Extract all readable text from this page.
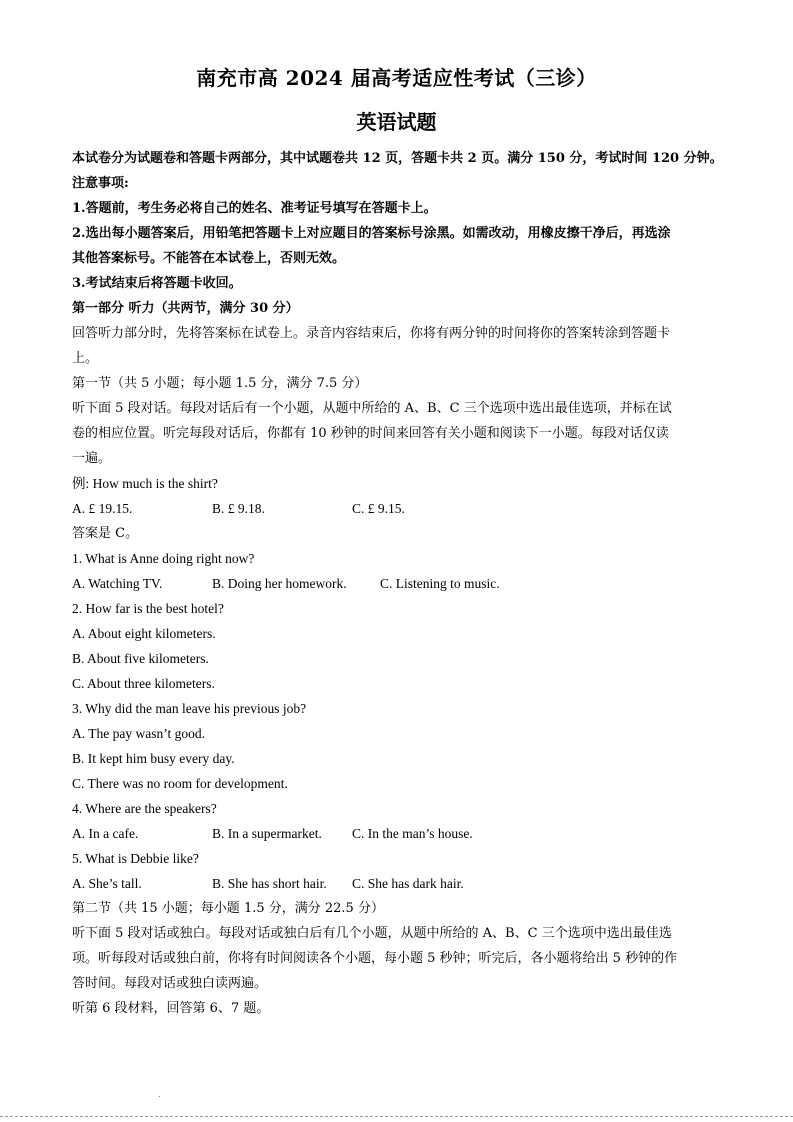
南充市高 2024 届高考适应性考试（三诊）
英语试题
本试卷分为试题卷和答题卡两部分，其中试题卷共 12 页，答题卡共 2 页。满分 150 分，考试时间 120 分钟。
注意事项:
1.答题前，考生务必将自己的姓名、准考证号填写在答题卡上。
2.选出每小题答案后，用铅笔把答题卡上对应题目的答案标号涂黑。如需改动，用橡皮擦干净后，再选涂
其他答案标号。不能答在本试卷上，否则无效。
3.考试结束后将答题卡收回。
第一部分 听力（共两节，满分 30 分）
回答听力部分时，先将答案标在试卷上。录音内容结束后，你将有两分钟的时间将你的答案转涂到答题卡
上。
第一节（共 5 小题；每小题 1.5 分，满分 7.5 分）
听下面 5 段对话。每段对话后有一个小题，从题中所给的 A、B、C 三个选项中选出最佳选项，并标在试
卷的相应位置。听完每段对话后，你都有 10 秒钟的时间来回答有关小题和阅读下一小题。每段对话仅读
一遍。
例: How much is the shirt?
A. £ 19.15.	B. £ 9.18.	C. £ 9.15.
答案是 C。
1. What is Anne doing right now?
A. Watching TV.	B. Doing her homework. C. Listening to music.
2. How far is the best hotel?
A. About eight kilometers.
B. About five kilometers.
C. About three kilometers.
3. Why did the man leave his previous job?
A. The pay wasn’t good.
B. It kept him busy every day.
C. There was no room for development.
4. Where are the speakers?
A. In a cafe.	B. In a supermarket. C. In the man’s house.
5. What is Debbie like?
A. She’s tall.	B. She has short hair. C. She has dark hair.
第二节（共 15 小题；每小题 1.5 分，满分 22.5 分）
听下面 5 段对话或独白。每段对话或独白后有几个小题，从题中所给的 A、B、C 三个选项中选出最佳选
项。听每段对话或独白前，你将有时间阅读各个小题，每小题 5 秒钟；听完后，各小题将给出 5 秒钟的作
答时间。每段对话或独白读两遍。
听第 6 段材料，回答第 6、7 题。
.
